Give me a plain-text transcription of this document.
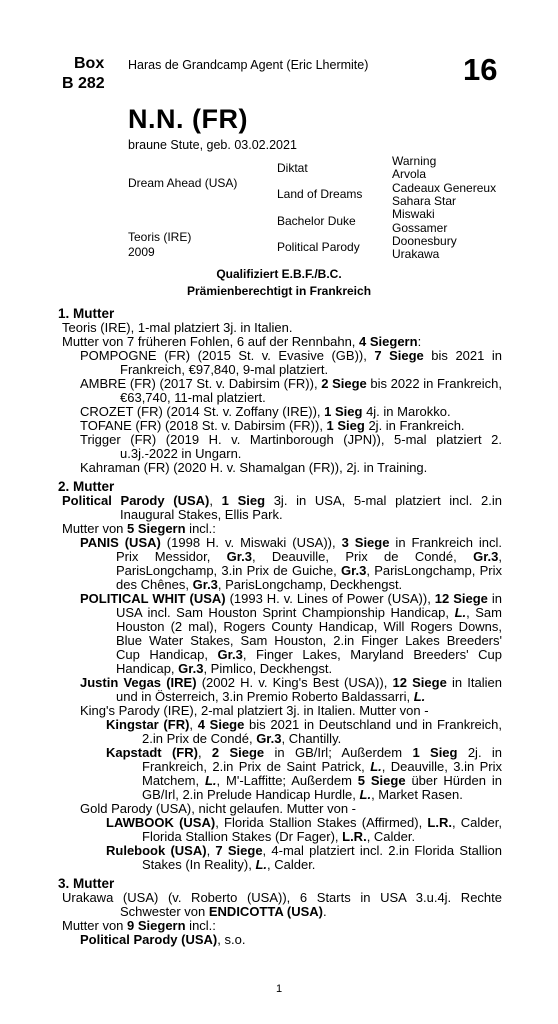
Box
B 282
Haras de Grandcamp Agent (Eric Lhermite)	16
N.N. (FR)
braune Stute, geb. 03.02.2021
Dream Ahead (USA)
Teoris (IRE)
2009
Diktat
Land of Dreams
Bachelor Duke
Political Parody
Warning
Arvola
Cadeaux Genereux
Sahara Star
Miswaki
Gossamer
Doonesbury
Urakawa
Qualifiziert E.B.F./B.C.
Prämienberechtigt in Frankreich
1. Mutter

Teoris (IRE), 1-mal platziert 3j. in Italien.

Mutter von 7 früheren Fohlen, 6 auf der Rennbahn, 4 Siegern:

POMPOGNE (FR) (2015 St. v. Evasive (GB)), 7 Siege bis 2021 in Frankreich, €97,840, 9-mal platziert.

AMBRE (FR) (2017 St. v. Dabirsim (FR)), 2 Siege bis 2022 in Frankreich, €63,740, 11-mal platziert.

CROZET (FR) (2014 St. v. Zoffany (IRE)), 1 Sieg 4j. in Marokko.

TOFANE (FR) (2018 St. v. Dabirsim (FR)), 1 Sieg 2j. in Frankreich.

Trigger (FR) (2019 H. v. Martinborough (JPN)), 5-mal platziert 2. u.3j.-2022 in Ungarn.

Kahraman (FR) (2020 H. v. Shamalgan (FR)), 2j. in Training.

2. Mutter

Political Parody (USA), 1 Sieg 3j. in USA, 5-mal platziert incl. 2.in Inaugural Stakes, Ellis Park.

Mutter von 5 Siegern incl.:

PANIS (USA) (1998 H. v. Miswaki (USA)), 3 Siege in Frankreich incl. Prix Messidor, Gr.3, Deauville, Prix de Condé, Gr.3, ParisLongchamp, 3.in Prix de Guiche, Gr.3, ParisLongchamp, Prix des Chênes, Gr.3, ParisLongchamp, Deckhengst.

POLITICAL WHIT (USA) (1993 H. v. Lines of Power (USA)), 12 Siege in USA incl. Sam Houston Sprint Championship Handicap, L., Sam Houston (2 mal), Rogers County Handicap, Will Rogers Downs, Blue Water Stakes, Sam Houston, 2.in Finger Lakes Breeders' Cup Handicap, Gr.3, Finger Lakes, Maryland Breeders' Cup Handicap, Gr.3, Pimlico, Deckhengst.

Justin Vegas (IRE) (2002 H. v. King's Best (USA)), 12 Siege in Italien und in Österreich, 3.in Premio Roberto Baldassarri, L.

King's Parody (IRE), 2-mal platziert 3j. in Italien. Mutter von -

Kingstar (FR), 4 Siege bis 2021 in Deutschland und in Frankreich, 2.in Prix de Condé, Gr.3, Chantilly.

Kapstadt (FR), 2 Siege in GB/Irl; Außerdem 1 Sieg 2j. in Frankreich, 2.in Prix de Saint Patrick, L., Deauville, 3.in Prix Matchem, L., M'-Laffitte; Außerdem 5 Siege über Hürden in GB/Irl, 2.in Prelude Handicap Hurdle, L., Market Rasen.

Gold Parody (USA), nicht gelaufen. Mutter von -

LAWBOOK (USA), Florida Stallion Stakes (Affirmed), L.R., Calder, Florida Stallion Stakes (Dr Fager), L.R., Calder.

Rulebook (USA), 7 Siege, 4-mal platziert incl. 2.in Florida Stallion Stakes (In Reality), L., Calder.

3. Mutter

Urakawa (USA) (v. Roberto (USA)), 6 Starts in USA 3.u.4j. Rechte Schwester von ENDICOTTA (USA).

Mutter von 9 Siegern incl.:

Political Parody (USA), s.o.

1
